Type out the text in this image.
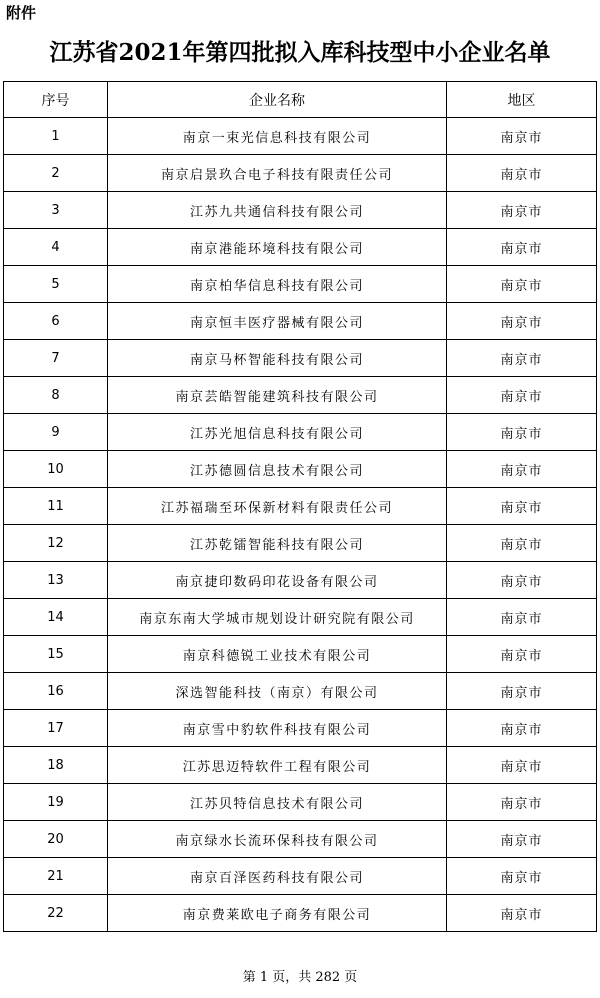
附件
江苏省2021年第四批拟入库科技型中小企业名单
序号	企业名称	地区
1	南京一束光信息科技有限公司	南京市
2	南京启景玖合电子科技有限责任公司	南京市
3	江苏九共通信科技有限公司	南京市
4	南京港能环境科技有限公司	南京市
5	南京柏华信息科技有限公司	南京市
6	南京恒丰医疗器械有限公司	南京市
7	南京马杯智能科技有限公司	南京市
8	南京芸皓智能建筑科技有限公司	南京市
9	江苏光旭信息科技有限公司	南京市
10	江苏德圆信息技术有限公司	南京市
11	江苏福瑞至环保新材料有限责任公司	南京市
12	江苏乾镭智能科技有限公司	南京市
13	南京捷印数码印花设备有限公司	南京市
14	南京东南大学城市规划设计研究院有限公司	南京市
15	南京科德锐工业技术有限公司	南京市
16	深选智能科技（南京）有限公司	南京市
17	南京雪中豹软件科技有限公司	南京市
18	江苏思迈特软件工程有限公司	南京市
19	江苏贝特信息技术有限公司	南京市
20	南京绿水长流环保科技有限公司	南京市
21	南京百泽医药科技有限公司	南京市
22	南京费莱欧电子商务有限公司	南京市
第 1 页，共 282 页
